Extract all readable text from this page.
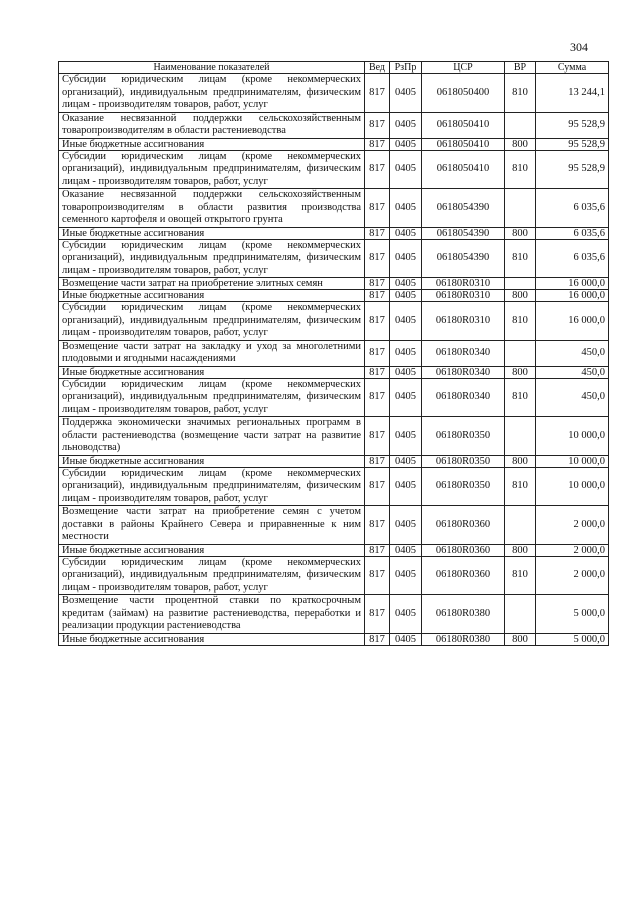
304
Наименование показателей	Вед	РзПр	ЦСР	ВР	Сумма
Субсидии юридическим лицам (кроме некоммерческих организаций), индивидуальным предпринимателям, физическим лицам - производителям товаров, работ, услуг	817	0405	0618050400	810	13 244,1
Оказание несвязанной поддержки сельскохозяйственным товаропроизводителям в области растениеводства	817	0405	0618050410		95 528,9
Иные бюджетные ассигнования	817	0405	0618050410	800	95 528,9
Субсидии юридическим лицам (кроме некоммерческих организаций), индивидуальным предпринимателям, физическим лицам - производителям товаров, работ, услуг	817	0405	0618050410	810	95 528,9
Оказание несвязанной поддержки сельскохозяйственным товаропроизводителям в области развития производства семенного картофеля и овощей открытого грунта	817	0405	0618054390		6 035,6
Иные бюджетные ассигнования	817	0405	0618054390	800	6 035,6
Субсидии юридическим лицам (кроме некоммерческих организаций), индивидуальным предпринимателям, физическим лицам - производителям товаров, работ, услуг	817	0405	0618054390	810	6 035,6
Возмещение части затрат на приобретение элитных семян	817	0405	06180R0310		16 000,0
Иные бюджетные ассигнования	817	0405	06180R0310	800	16 000,0
Субсидии юридическим лицам (кроме некоммерческих организаций), индивидуальным предпринимателям, физическим лицам - производителям товаров, работ, услуг	817	0405	06180R0310	810	16 000,0
Возмещение части затрат на закладку и уход за многолетними плодовыми и ягодными насаждениями	817	0405	06180R0340		450,0
Иные бюджетные ассигнования	817	0405	06180R0340	800	450,0
Субсидии юридическим лицам (кроме некоммерческих организаций), индивидуальным предпринимателям, физическим лицам - производителям товаров, работ, услуг	817	0405	06180R0340	810	450,0
Поддержка экономически значимых региональных программ в области растениеводства (возмещение части затрат на развитие льноводства)	817	0405	06180R0350		10 000,0
Иные бюджетные ассигнования	817	0405	06180R0350	800	10 000,0
Субсидии юридическим лицам (кроме некоммерческих организаций), индивидуальным предпринимателям, физическим лицам - производителям товаров, работ, услуг	817	0405	06180R0350	810	10 000,0
Возмещение части затрат на приобретение семян с учетом доставки в районы Крайнего Севера и приравненные к ним местности	817	0405	06180R0360		2 000,0
Иные бюджетные ассигнования	817	0405	06180R0360	800	2 000,0
Субсидии юридическим лицам (кроме некоммерческих организаций), индивидуальным предпринимателям, физическим лицам - производителям товаров, работ, услуг	817	0405	06180R0360	810	2 000,0
Возмещение части процентной ставки по краткосрочным кредитам (займам) на развитие растениеводства, переработки и реализации продукции растениеводства	817	0405	06180R0380		5 000,0
Иные бюджетные ассигнования	817	0405	06180R0380	800	5 000,0
